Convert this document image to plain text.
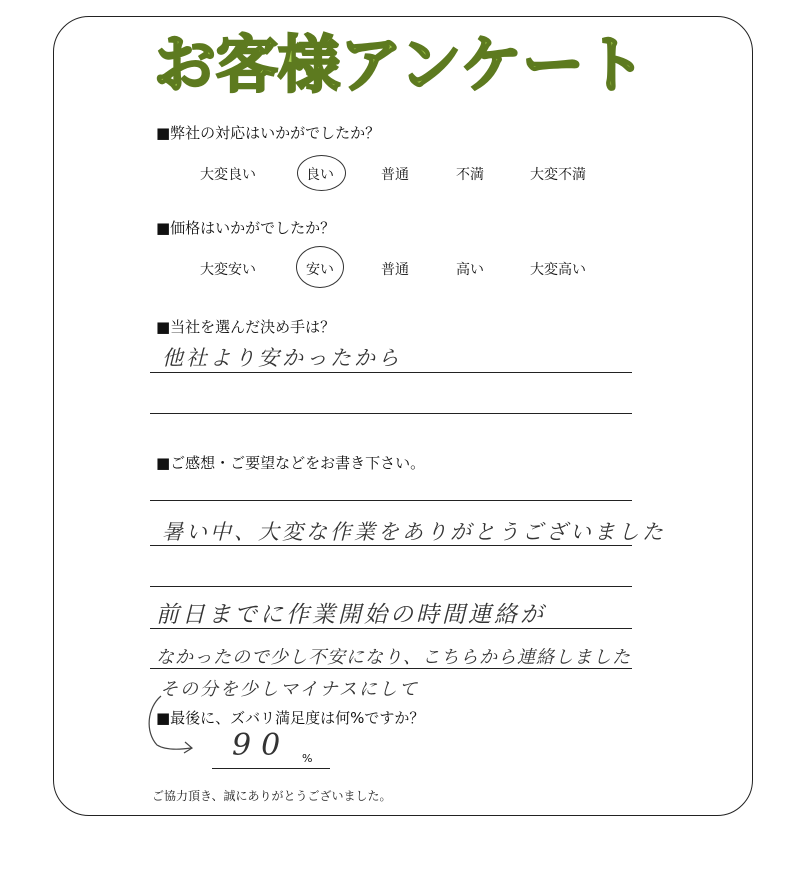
お客様アンケート
■弊社の対応はいかがでしたか？
大変良い	良い	普通	不満	大変不満
■価格はいかがでしたか？
大変安い	安い	普通	高い	大変高い
■当社を選んだ決め手は？
他社より安かったから
■ご感想・ご要望などをお書き下さい。
暑い中、大変な作業をありがとうございました
前日までに作業開始の時間連絡が
なかったので少し不安になり、こちらから連絡しました
その分を少しマイナスにして
■最後に、ズバリ満足度は何%ですか？
90 %
ご協力頂き、誠にありがとうございました。
